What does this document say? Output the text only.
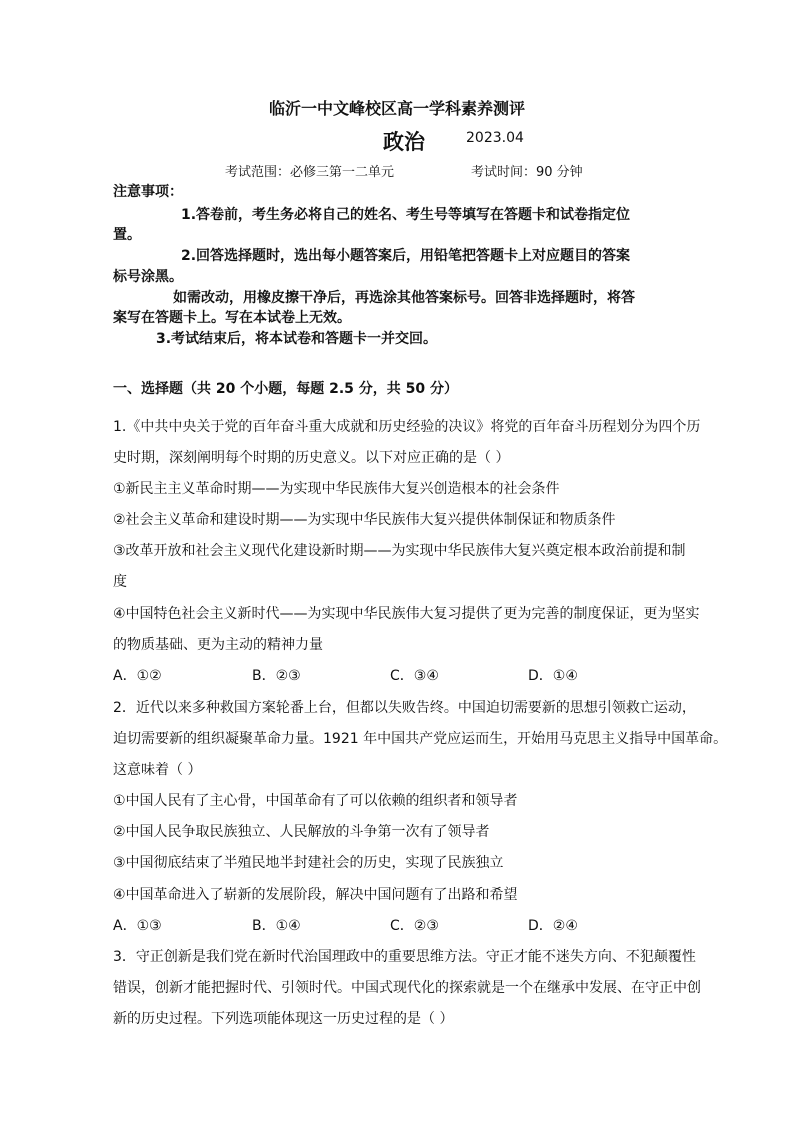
临沂一中文峰校区高一学科素养测评
政治	2023.04
考试范围：必修三第一二单元	考试时间：90 分钟
注意事项：
1.答卷前，考生务必将自己的姓名、考生号等填写在答题卡和试卷指定位
置。
2.回答选择题时，选出每小题答案后，用铅笔把答题卡上对应题目的答案
标号涂黑。
如需改动，用橡皮擦干净后，再选涂其他答案标号。回答非选择题时，将答
案写在答题卡上。写在本试卷上无效。
3.考试结束后，将本试卷和答题卡一并交回。
一、选择题（共 20 个小题，每题 2.5 分，共 50 分）
1.《中共中央关于党的百年奋斗重大成就和历史经验的决议》将党的百年奋斗历程划分为四个历
史时期，深刻阐明每个时期的历史意义。以下对应正确的是（ ）
①新民主主义革命时期——为实现中华民族伟大复兴创造根本的社会条件
②社会主义革命和建设时期——为实现中华民族伟大复兴提供体制保证和物质条件
③改革开放和社会主义现代化建设新时期——为实现中华民族伟大复兴奠定根本政治前提和制
度
④中国特色社会主义新时代——为实现中华民族伟大复习提供了更为完善的制度保证，更为坚实
的物质基础、更为主动的精神力量
A．①②	B．②③	C．③④	D．①④
2．近代以来多种救国方案轮番上台，但都以失败告终。中国迫切需要新的思想引领救亡运动，
迫切需要新的组织凝聚革命力量。1921 年中国共产党应运而生，开始用马克思主义指导中国革命。
这意味着（ ）
①中国人民有了主心骨，中国革命有了可以依赖的组织者和领导者
②中国人民争取民族独立、人民解放的斗争第一次有了领导者
③中国彻底结束了半殖民地半封建社会的历史，实现了民族独立
④中国革命进入了崭新的发展阶段，解决中国问题有了出路和希望
A．①③	B．①④	C．②③	D．②④
3．守正创新是我们党在新时代治国理政中的重要思维方法。守正才能不迷失方向、不犯颠覆性
错误，创新才能把握时代、引领时代。中国式现代化的探索就是一个在继承中发展、在守正中创
新的历史过程。下列选项能体现这一历史过程的是（ ）
